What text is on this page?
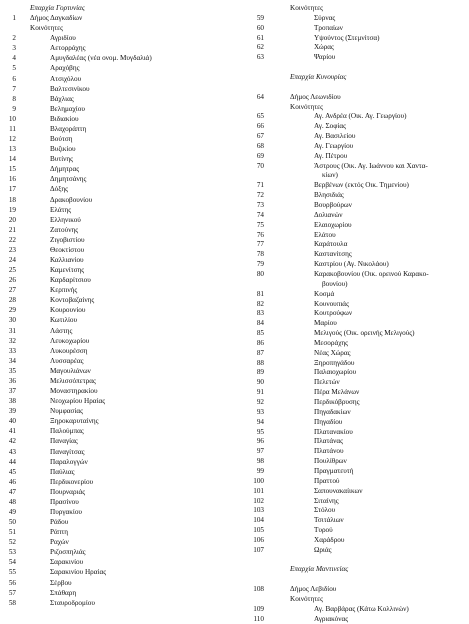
Επαρχία Γορτυνίας
1 Δήμος Δαγκαδίων
Κοινότητες
2	Αγριδίου
3	Αετορράχης
4	Αμυγδαλέας (νέα ονομ. Μυγδαλιά)
5	Αραχόβης
6	Ατσιχόλου
7	Βαλτεσινίκου
8	Βάχλιας
9	Βελημαχίου
10	Βιδιακίου
11	Βλαχοράπτη
12	Βούτση
13	Βυζικίου
14	Βυτίνης
15	Δήμητρας
16	Δημητσάνης
17	Δόξης
18	Δρακοβουνίου
19	Ελάτης
20	Ελληνικού
21	Ζατούνης
22	Ζιγοβιστίου
23	Θεοκτίστου
24	Καλλιανίου
25	Καμενίτσης
26	Καρδαρίτσιου
27	Κερπινής
28	Κοντοβαζαίνης
29	Κουρουνίου
30	Κωτιλίου
31	Λάστης
32	Λευκοχωρίου
33	Λυκουρέσση
34	Λυσσαρέας
35	Μαγουλιάνων
36	Μελισσόπετρας
37	Μοναστηρακίου
38	Νεοχωρίου Ηραίας
39	Νυμφασίας
40	Ξηροκαρυταίνης
41	Παλούμπας
42	Παναγίας
43	Παναγίτσας
44	Παραλογγών
45	Παύλιας
46	Περδικονερίου
47	Πουρναριάς
48	Πρασίνου
49	Πυργακίου
50	Ράδου
51	Ράπτη
52	Ραχών
53	Ριζοσπηλιάς
54	Σαρακινίου
55	Σαρακινίου Ηραίας
56	Σέρβου
57	Σπάθαρη
58	Σταυροδρομίου
Κοινότητες
59	Σύρνας
60	Τροπαίων
61	Υψούντος (Στεμνίτσα)
62	Χώρας
63	Ψαρίου
Επαρχία Κυνουρίας
64	Δήμος Λεωνιδίου
Κοινότητες
65	Αγ. Ανδρέα (Οικ. Αγ. Γεωργίου)
66	Αγ. Σοφίας
67	Αγ. Βασιλείου
68	Αγ. Γεωργίου
69	Αγ. Πέτρου
70	Άστρους (Οικ. Αγ. Ιωάννου και Χαντα-
κίων)
71	Βερβένων (εκτός Οικ. Τημενίου)
72	Βλησιδιάς
73	Βουρβούρων
74	Δολιανών
75	Ελαιοχωρίου
76	Ελάτου
77	Καράτουλα
78	Καστανίτσης
79	Καστρίου (Αγ. Νικολάου)
80	Καρακοβουνίου (Οικ. ορεινού Καρακο-
βουνίου)
81	Κοσμά
82	Κουνουπιάς
83	Κουτρούφων
84	Μαρίου
85	Μελιγούς (Οικ. ορεινής Μελιγούς)
86	Μεσοράχης
87	Νέας Χώρας
88	Ξηροπηγάδου
89	Παλαιοχωρίου
90	Πελετών
91	Πέρα Μελάνων
92	Περδικόβρυσης
93	Πηγαδακίων
94	Πηγαδίου
95	Πλατανακίου
96	Πλατάνας
97	Πλατάνου
98	Πουλίθρων
99	Πραγματευτή
100	Πραττού
101	Σαπουνακαίικων
102	Σιταίνης
103	Στόλου
104	Τσιτάλιων
105	Τυρού
106	Χαράδρου
107	Ωριάς
Επαρχία Μαντινείας
108	Δήμος Λεβιδίου
Κοινότητες
109	Αγ. Βαρβάρας (Κάτω Κολλινών)
110	Αγριακόνας
